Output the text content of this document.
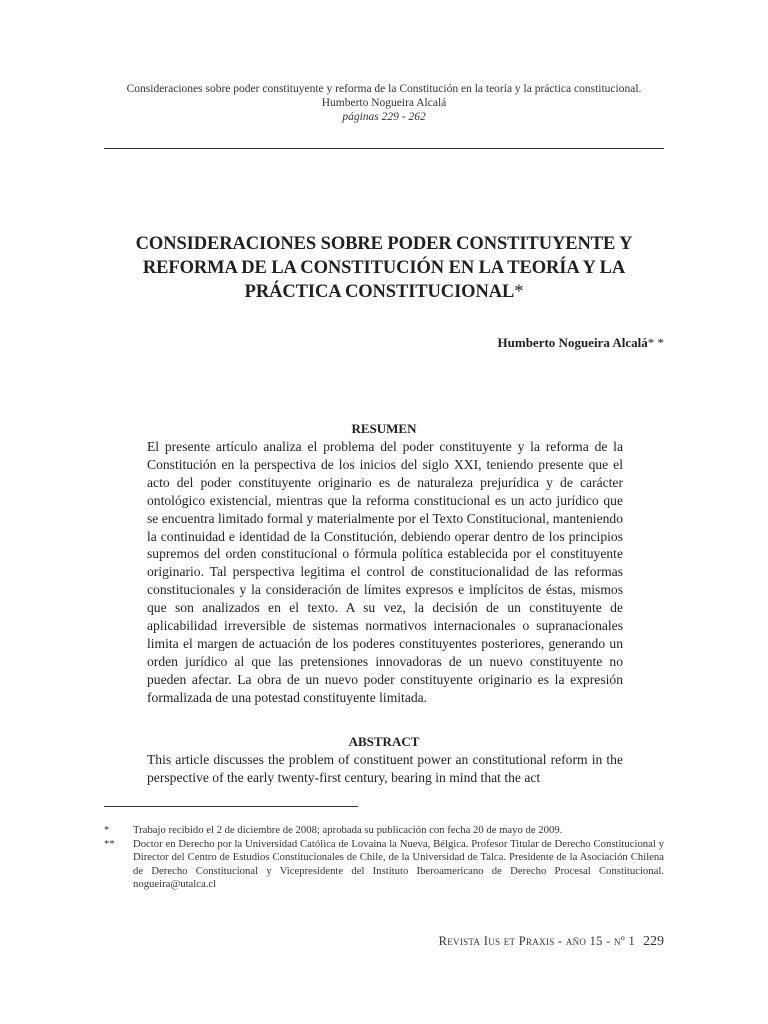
Consideraciones sobre poder constituyente y reforma de la Constitución en la teoría y la práctica constitucional.
Humberto Nogueira Alcalá
páginas 229 - 262
CONSIDERACIONES SOBRE PODER CONSTITUYENTE Y REFORMA DE LA CONSTITUCIÓN EN LA TEORÍA Y LA PRÁCTICA CONSTITUCIONAL*
Humberto Nogueira Alcalá* *
RESUMEN
El presente artículo analiza el problema del poder constituyente y la reforma de la Constitución en la perspectiva de los inicios del siglo XXI, teniendo presente que el acto del poder constituyente originario es de naturaleza prejurídica y de carácter ontológico existencial, mientras que la reforma constitucional es un acto jurídico que se encuentra limitado formal y materialmente por el Texto Constitucional, manteniendo la continuidad e identidad de la Constitución, debiendo operar dentro de los principios supremos del orden constitucional o fórmula política establecida por el constituyente originario. Tal perspectiva legitima el control de constitucionalidad de las reformas constitucionales y la consideración de límites expresos e implícitos de éstas, mismos que son analizados en el texto. A su vez, la decisión de un constituyente de aplicabilidad irreversible de sistemas normativos internacionales o supranacionales limita el margen de actuación de los poderes constituyentes posteriores, generando un orden jurídico al que las pretensiones innovadoras de un nuevo constituyente no pueden afectar. La obra de un nuevo poder constituyente originario es la expresión formalizada de una potestad constituyente limitada.
ABSTRACT
This article discusses the problem of constituent power an constitutional reform in the perspective of the early twenty-first century, bearing in mind that the act
*	Trabajo recibido el 2 de diciembre de 2008; aprobada su publicación con fecha 20 de mayo de 2009.
**	Doctor en Derecho por la Universidad Católica de Lovaina la Nueva, Bélgica. Profesor Titular de Derecho Constitucional y Director del Centro de Estudios Constitucionales de Chile, de la Universidad de Talca. Presidente de la Asociación Chilena de Derecho Constitucional y Vicepresidente del Instituto Iberoamericano de Derecho Procesal Constitucional. nogueira@utalca.cl
Revista Ius et Praxis - año 15 - nº 1 229
